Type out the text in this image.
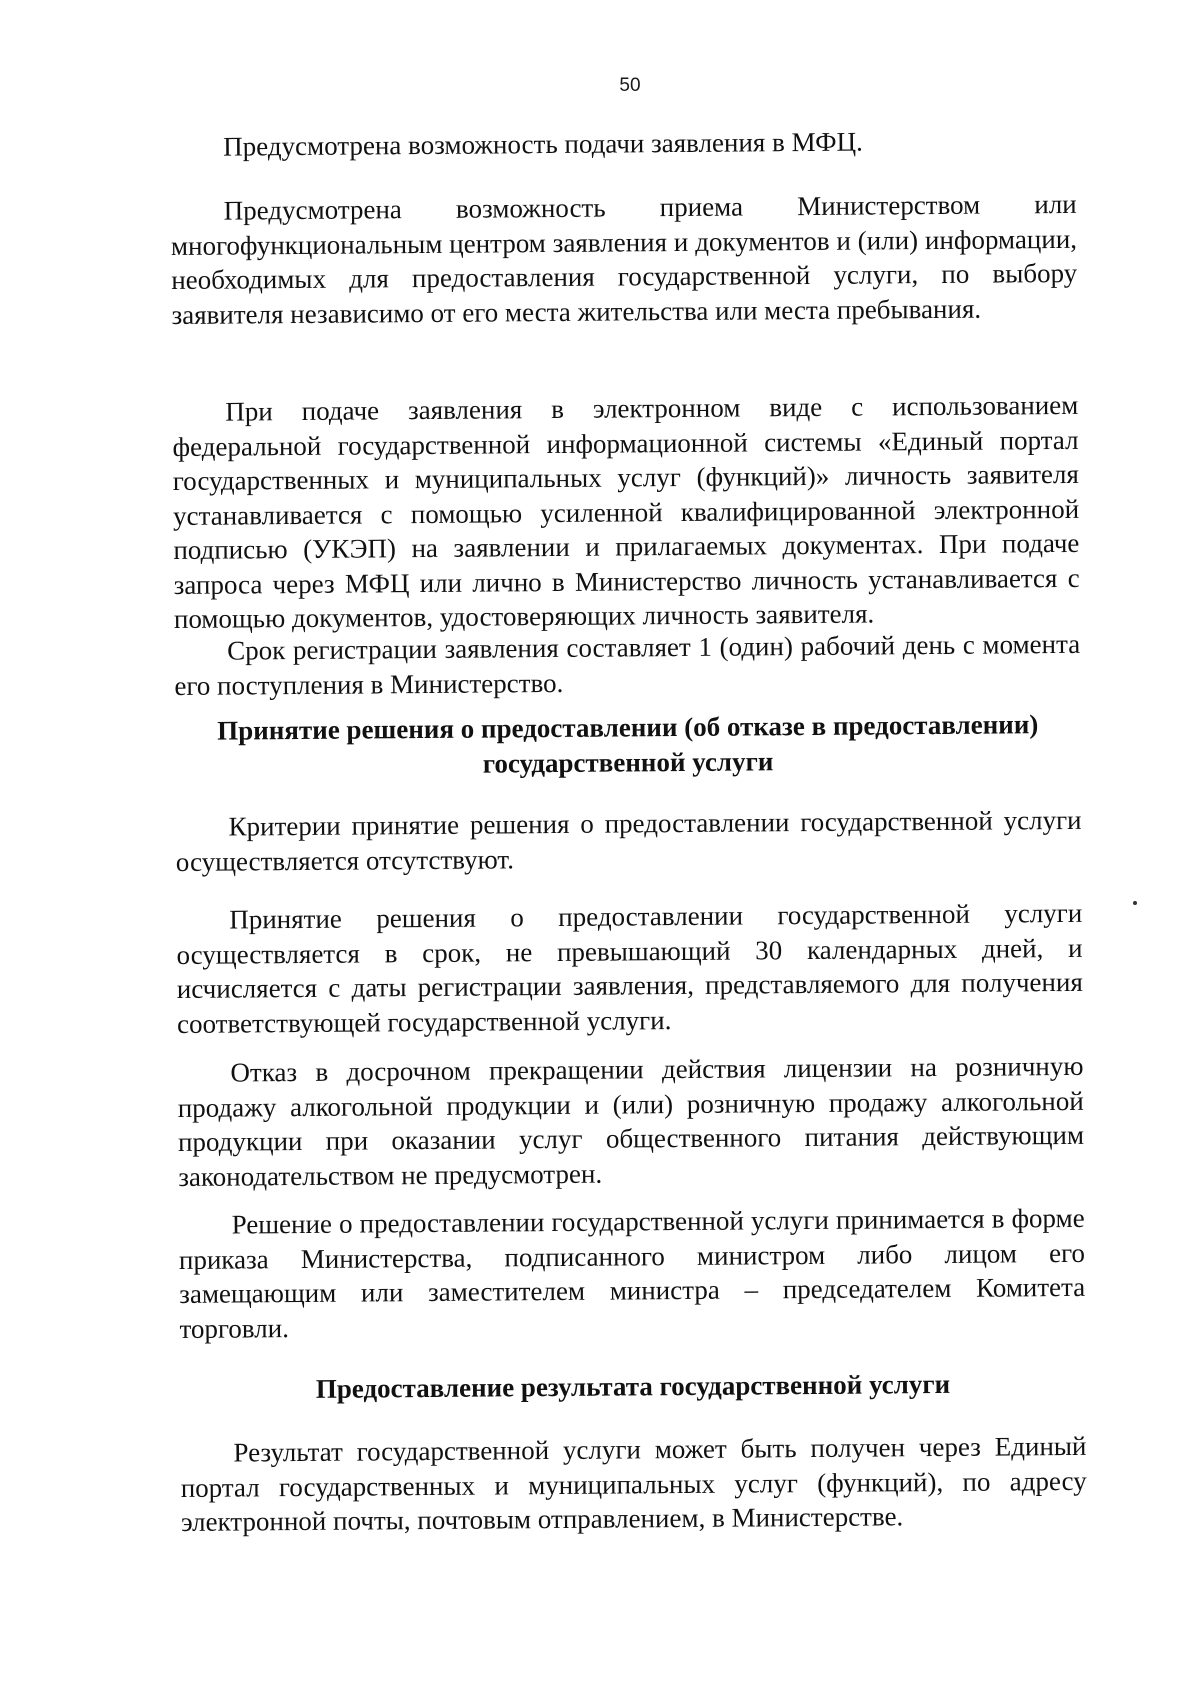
50

Предусмотрена возможность подачи заявления в МФЦ.

Предусмотрена возможность приема Министерством или многофункциональным центром заявления и документов и (или) информации, необходимых для предоставления государственной услуги, по выбору заявителя независимо от его места жительства или места пребывания.

При подаче заявления в электронном виде с использованием федеральной государственной информационной системы «Единый портал государственных и муниципальных услуг (функций)» личность заявителя устанавливается с помощью усиленной квалифицированной электронной подписью (УКЭП) на заявлении и прилагаемых документах. При подаче запроса через МФЦ или лично в Министерство личность устанавливается с помощью документов, удостоверяющих личность заявителя.

Срок регистрации заявления составляет 1 (один) рабочий день с момента его поступления в Министерство.

Принятие решения о предоставлении (об отказе в предоставлении) государственной услуги

Критерии принятие решения о предоставлении государственной услуги осуществляется отсутствуют.

Принятие решения о предоставлении государственной услуги осуществляется в срок, не превышающий 30 календарных дней, и исчисляется с даты регистрации заявления, представляемого для получения соответствующей государственной услуги.

Отказ в досрочном прекращении действия лицензии на розничную продажу алкогольной продукции и (или) розничную продажу алкогольной продукции при оказании услуг общественного питания действующим законодательством не предусмотрен.

Решение о предоставлении государственной услуги принимается в форме приказа Министерства, подписанного министром либо лицом его замещающим или заместителем министра – председателем Комитета торговли.

Предоставление результата государственной услуги

Результат государственной услуги может быть получен через Единый портал государственных и муниципальных услуг (функций), по адресу электронной почты, почтовым отправлением, в Министерстве.
